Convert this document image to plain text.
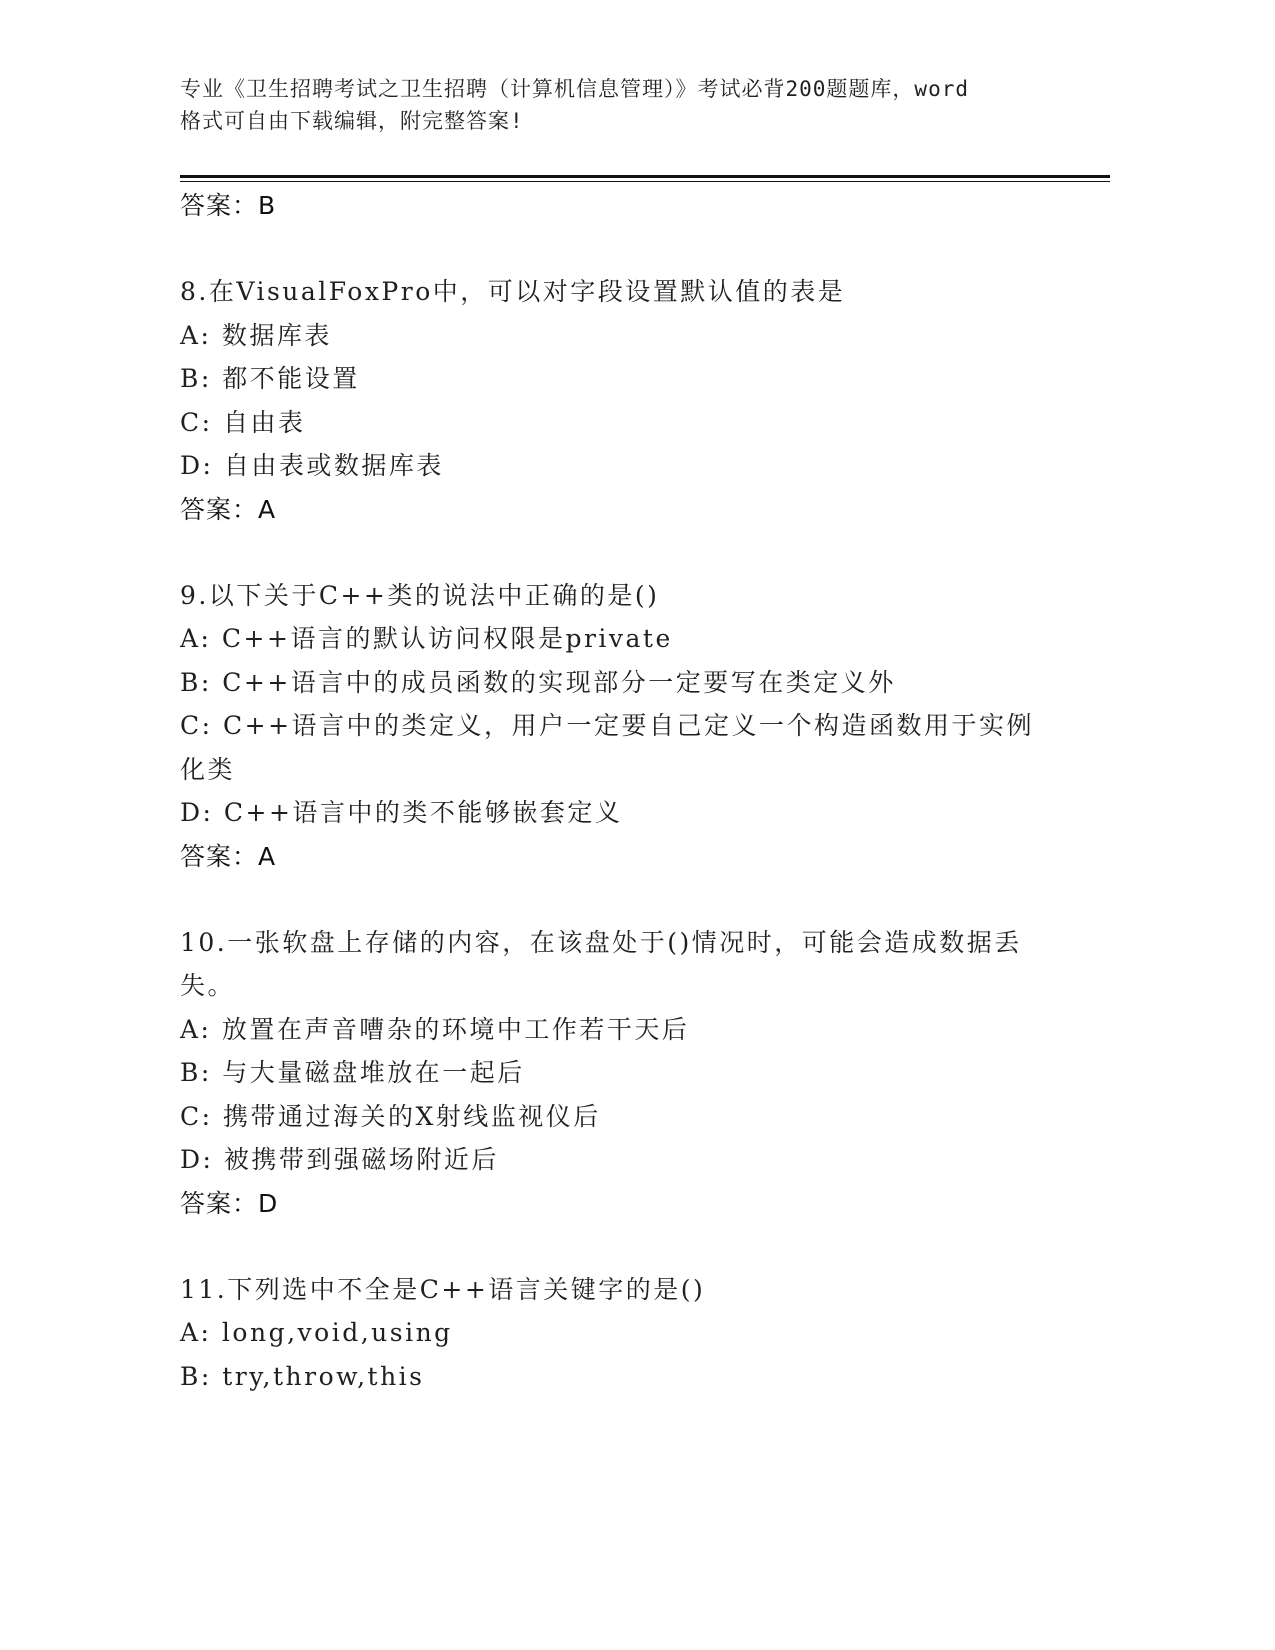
专业《卫生招聘考试之卫生招聘（计算机信息管理）》考试必背200题题库，word
格式可自由下载编辑，附完整答案!
答案：B
8.在VisualFoxPro中，可以对字段设置默认值的表是
A: 数据库表
B: 都不能设置
C: 自由表
D: 自由表或数据库表
答案：A
9.以下关于C++类的说法中正确的是()
A: C++语言的默认访问权限是private
B: C++语言中的成员函数的实现部分一定要写在类定义外
C: C++语言中的类定义，用户一定要自己定义一个构造函数用于实例
化类
D: C++语言中的类不能够嵌套定义
答案：A
10.一张软盘上存储的内容，在该盘处于()情况时，可能会造成数据丢
失。
A: 放置在声音嘈杂的环境中工作若干天后
B: 与大量磁盘堆放在一起后
C: 携带通过海关的X射线监视仪后
D: 被携带到强磁场附近后
答案：D
11.下列选中不全是C++语言关键字的是()
A: long,void,using
B: try,throw,this
